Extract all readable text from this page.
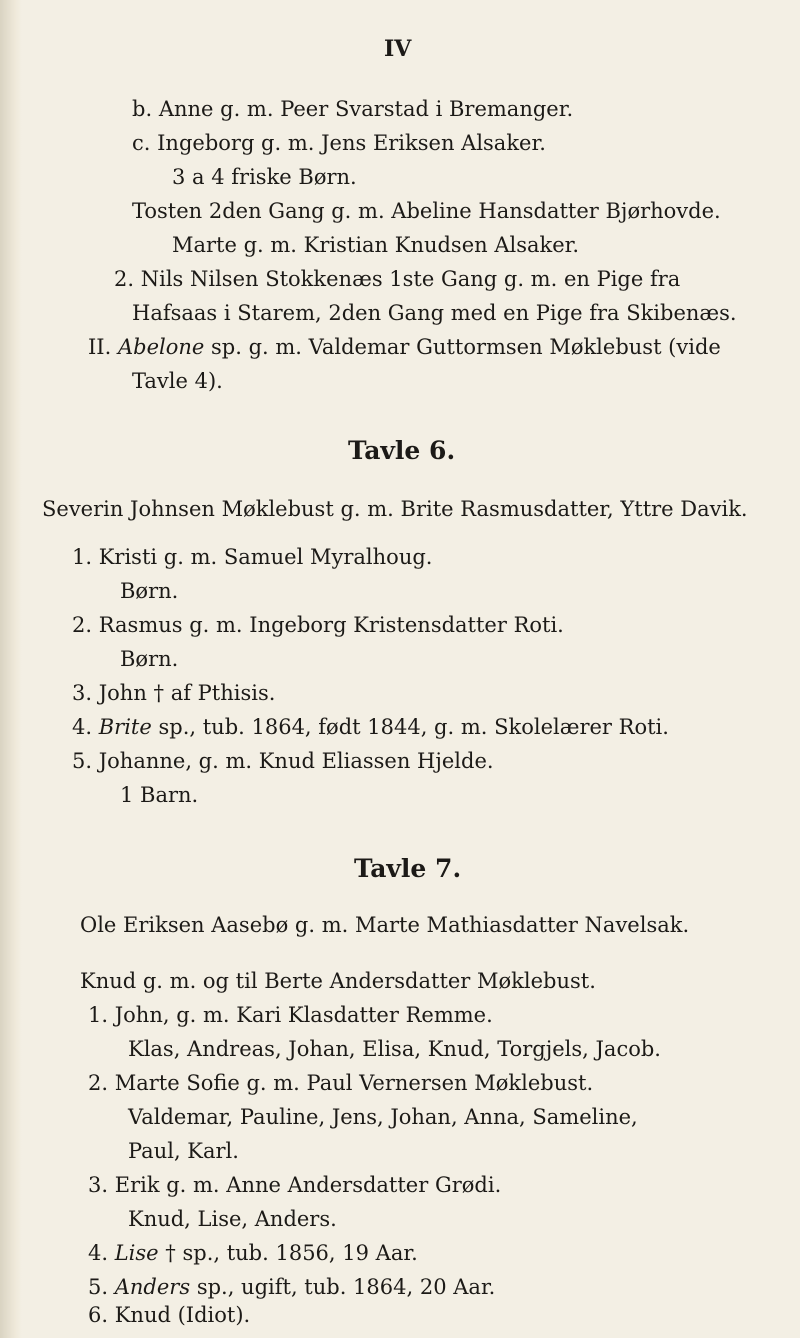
IV
b. Anne g. m. Peer Svarstad i Bremanger.
c. Ingeborg g. m. Jens Eriksen Alsaker.
3 a 4 friske Børn.
Tosten 2den Gang g. m. Abeline Hansdatter Bjørhovde.
Marte g. m. Kristian Knudsen Alsaker.
2. Nils Nilsen Stokkenæs 1ste Gang g. m. en Pige fra
Hafsaas i Starem, 2den Gang med en Pige fra Skibenæs.
II. Abelone sp. g. m. Valdemar Guttormsen Møklebust (vide
Tavle 4).
Tavle 6.
Severin Johnsen Møklebust g. m. Brite Rasmusdatter, Yttre Davik.
1. Kristi g. m. Samuel Myralhoug.
Børn.
2. Rasmus g. m. Ingeborg Kristensdatter Roti.
Børn.
3. John † af Pthisis.
4. Brite sp., tub. 1864, født 1844, g. m. Skolelærer Roti.
5. Johanne, g. m. Knud Eliassen Hjelde.
1 Barn.
Tavle 7.
Ole Eriksen Aasebø g. m. Marte Mathiasdatter Navelsak.
Knud g. m. og til Berte Andersdatter Møklebust.
1. John, g. m. Kari Klasdatter Remme.
Klas, Andreas, Johan, Elisa, Knud, Torgjels, Jacob.
2. Marte Sofie g. m. Paul Vernersen Møklebust.
Valdemar, Pauline, Jens, Johan, Anna, Sameline,
Paul, Karl.
3. Erik g. m. Anne Andersdatter Grødi.
Knud, Lise, Anders.
4. Lise † sp., tub. 1856, 19 Aar.
5. Anders sp., ugift, tub. 1864, 20 Aar.
6. Knud (Idiot).
